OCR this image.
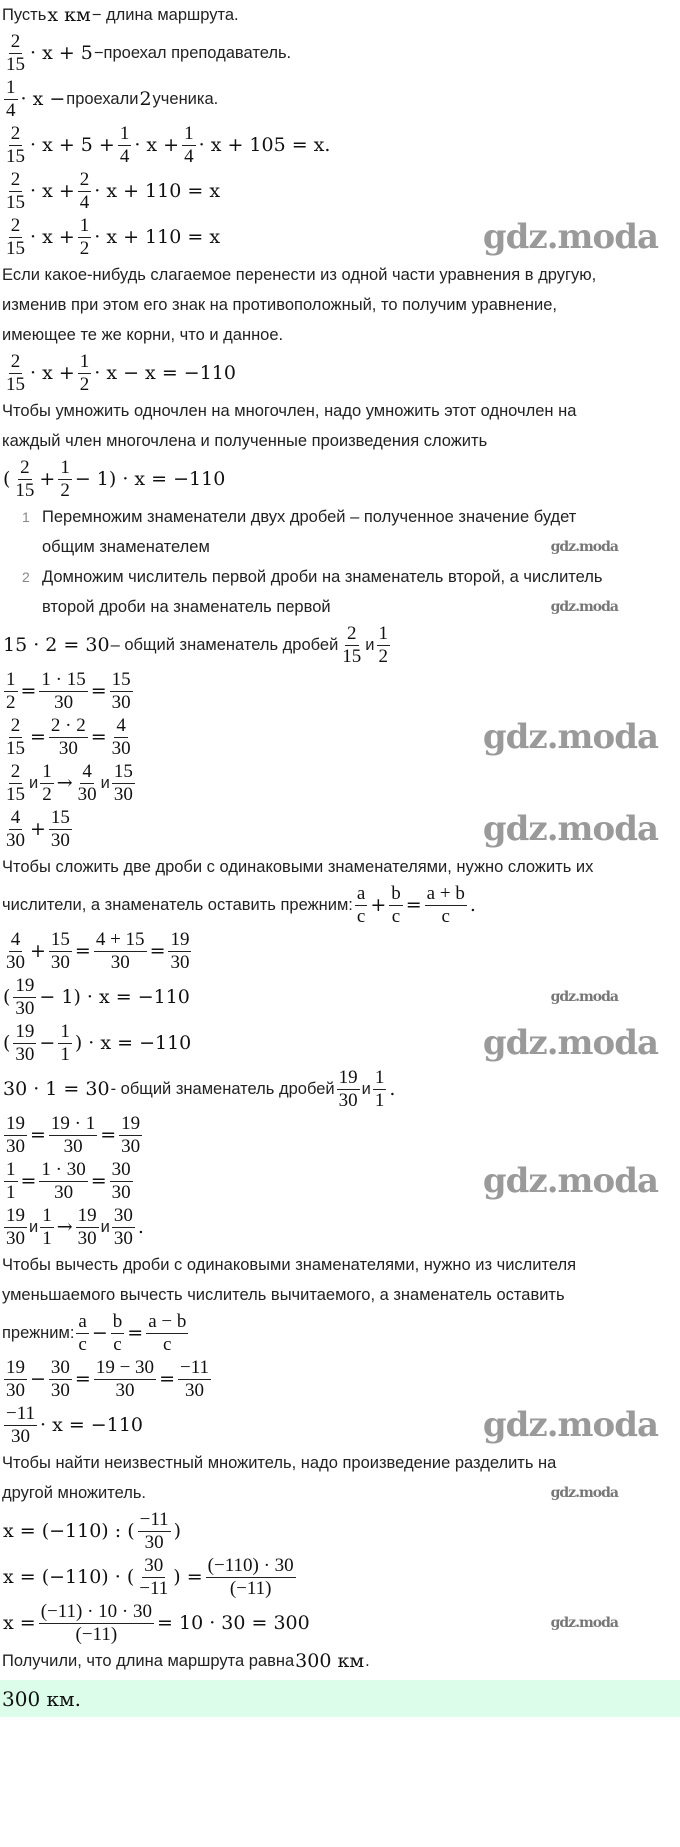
Пусть x км − длина маршрута.
$\frac{2}{15} \cdot x + 5$ −проехал преподаватель.
$\frac{1}{4} \cdot x$ − проехали 2 ученика.
$\frac{2}{15} \cdot x + 5 + \frac{1}{4} \cdot x + \frac{1}{4} \cdot x + 105 = x$.
$\frac{2}{15} \cdot x + \frac{2}{4} \cdot x + 110 = x$
$\frac{2}{15} \cdot x + \frac{1}{2} \cdot x + 110 = x$	gdz.moda
Если какое-нибудь слагаемое перенести из одной части уравнения в другую,
изменив при этом его знак на противоположный, то получим уравнение,
имеющее те же корни, что и данное.
$\frac{2}{15} \cdot x + \frac{1}{2} \cdot x - x = -110$
Чтобы умножить одночлен на многочлен, надо умножить этот одночлен на
каждый член многочлена и полученные произведения сложить
( $\frac{2}{15} + \frac{1}{2} - 1) \cdot x = -110$
1 Перемножим знаменатели двух дробей – полученное значение будет
общим знаменателем	gdz.moda
2 Домножим числитель первой дроби на знаменатель второй, а числитель
второй дроби на знаменатель первой	gdz.moda
15 · 2 = 30 – общий знаменатель дробей $\frac{2}{15}$ и $\frac{1}{2}$
$\frac{1}{2} = \frac{1 \cdot 15}{30} = \frac{15}{30}$
$\frac{2}{15} = \frac{2 \cdot 2}{30} = \frac{4}{30}$	gdz.moda
$\frac{2}{15}$ и $\frac{1}{2} \to \frac{4}{30}$ и $\frac{15}{30}$
$\frac{4}{30} + \frac{15}{30}$	gdz.moda
Чтобы сложить две дроби с одинаковыми знаменателями, нужно сложить их
числители, а знаменатель оставить прежним: $\frac{a}{c} + \frac{b}{c} = \frac{a + b}{c}$ .
$\frac{4}{30} + \frac{15}{30} = \frac{4 + 15}{30} = \frac{19}{30}$
( $\frac{19}{30} - 1) \cdot x = -110$	gdz.moda
( $\frac{19}{30} - \frac{1}{1}$ ) · x = −110	gdz.moda
30 · 1 = 30 - общий знаменатель дробей $\frac{19}{30}$ и $\frac{1}{1}$ .
$\frac{19}{30} = \frac{19 \cdot 1}{30} = \frac{19}{30}$
$\frac{1}{1} = \frac{1 \cdot 30}{30} = \frac{30}{30}$	gdz.moda
$\frac{19}{30}$ и $\frac{1}{1} \to \frac{19}{30}$ и $\frac{30}{30}$ .
Чтобы вычесть дроби с одинаковыми знаменателями, нужно из числителя
уменьшаемого вычесть числитель вычитаемого, а знаменатель оставить
прежним: $\frac{a}{c} - \frac{b}{c} = \frac{a - b}{c}$
$\frac{19}{30} - \frac{30}{30} = \frac{19 - 30}{30} = \frac{-11}{30}$
$\frac{-11}{30} \cdot x = -110$	gdz.moda
Чтобы найти неизвестный множитель, надо произведение разделить на
другой множитель.	gdz.moda
x = (−110) : ( $\frac{-11}{30}$ )
x = (−110) · ( $\frac{30}{-11}$ ) = $\frac{(-110) \cdot 30}{(-11)}$
$x = \frac{(-11) \cdot 10 \cdot 30}{(-11)} = 10 \cdot 30 = 300$	gdz.moda
Получили, что длина маршрута равна 300 км .
300 км.
